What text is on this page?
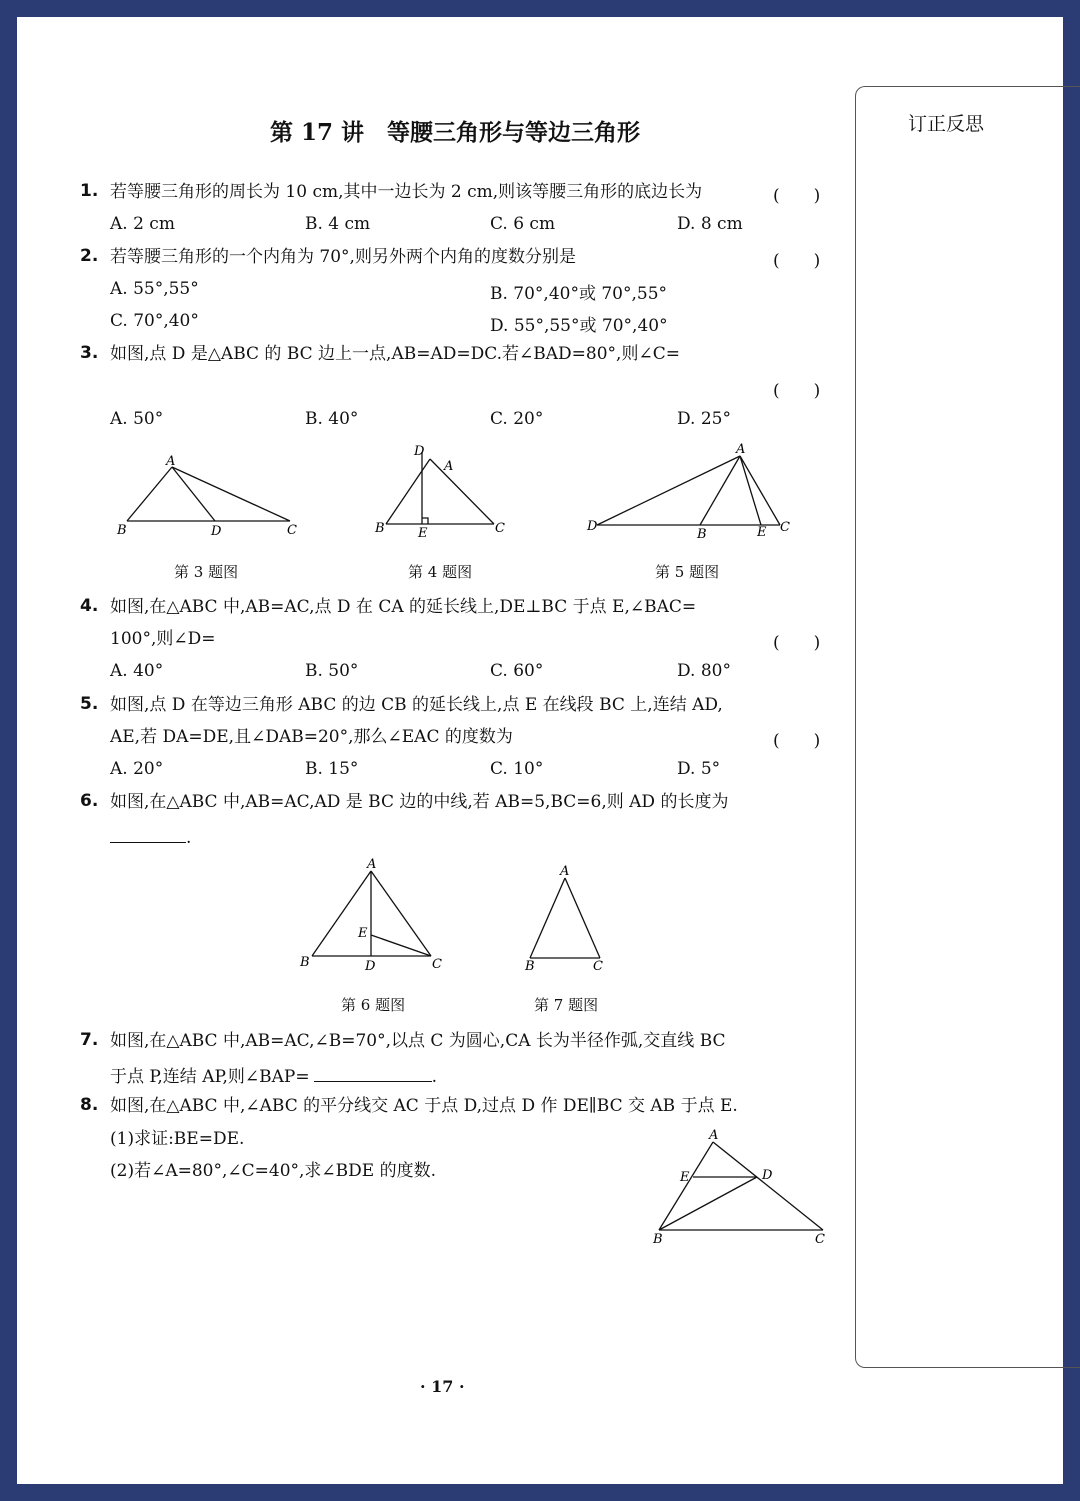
订正反思
第 17 讲　等腰三角形与等边三角形
1. 若等腰三角形的周长为 10 cm,其中一边长为 2 cm,则该等腰三角形的底边长为	(　　)
A. 2 cm	B. 4 cm	C. 6 cm	D. 8 cm
2. 若等腰三角形的一个内角为 70°,则另外两个内角的度数分别是	(　　)
A. 55°,55°	B. 70°,40°或 70°,55°
C. 70°,40°	D. 55°,55°或 70°,40°
3. 如图,点 D 是△ABC 的 BC 边上一点,AB=AD=DC.若∠BAD=80°,则∠C=
(　　)
A. 50°	B. 40°	C. 20°	D. 25°
A
B	D	C
第 3 题图
D
A
B	E	C
第 4 题图
A
D
B	E C
第 5 题图
4. 如图,在△ABC 中,AB=AC,点 D 在 CA 的延长线上,DE⊥BC 于点 E,∠BAC=
100°,则∠D=	(　　)
A. 40°	B. 50°	C. 60°	D. 80°
5. 如图,点 D 在等边三角形 ABC 的边 CB 的延长线上,点 E 在线段 BC 上,连结 AD,
AE,若 DA=DE,且∠DAB=20°,那么∠EAC 的度数为	(　　)
A. 20°	B. 15°	C. 10°	D. 5°
6. 如图,在△ABC 中,AB=AC,AD 是 BC 边的中线,若 AB=5,BC=6,则 AD 的长度为
.
A
E
B	D	C
第 6 题图
A
B	C
第 7 题图
7. 如图,在△ABC 中,AB=AC,∠B=70°,以点 C 为圆心,CA 长为半径作弧,交直线 BC
于点 P,连结 AP,则∠BAP=	.
8. 如图,在△ABC 中,∠ABC 的平分线交 AC 于点 D,过点 D 作 DE∥BC 交 AB 于点 E.
(1)求证:BE=DE.
(2)若∠A=80°,∠C=40°,求∠BDE 的度数.
A
E	D
B	C
· 17 ·
